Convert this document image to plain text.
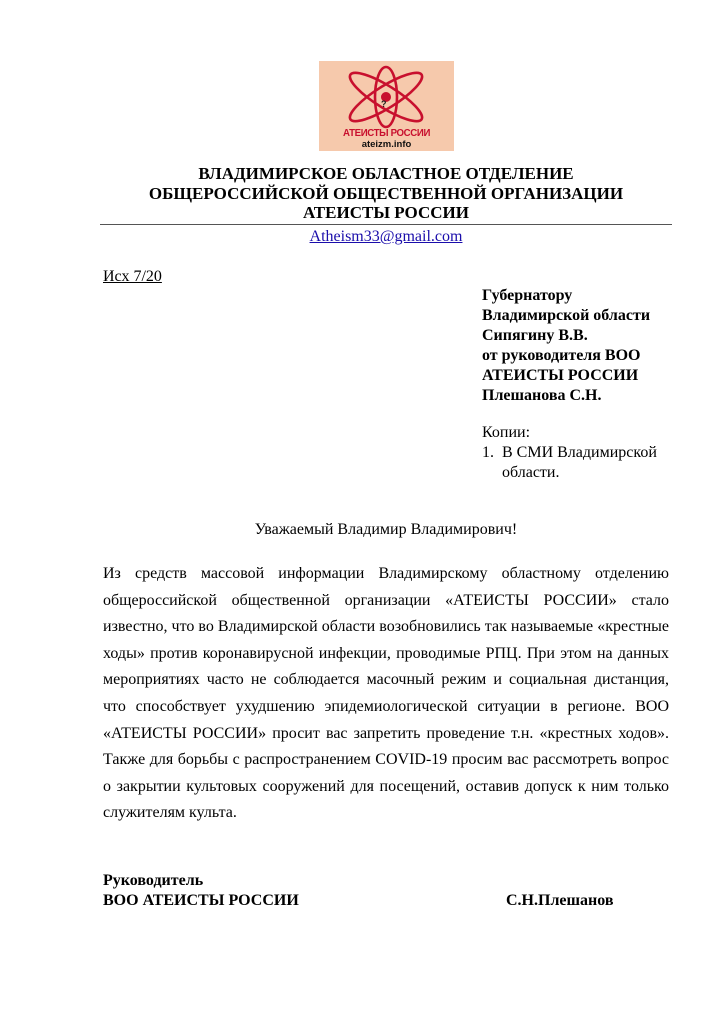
?
АТЕИСТЫ РОССИИ
ateizm.info
ВЛАДИМИРСКОЕ ОБЛАСТНОЕ ОТДЕЛЕНИЕ
ОБЩЕРОССИЙСКОЙ ОБЩЕСТВЕННОЙ ОРГАНИЗАЦИИ
АТЕИСТЫ РОССИИ
Atheism33@gmail.com
Исх 7/20
Губернатору
Владимирской области
Сипягину В.В.
от руководителя ВОО
АТЕИСТЫ РОССИИ
Плешанова С.Н.
Копии:
1. В СМИ Владимирской области.
Уважаемый Владимир Владимирович!
Из средств массовой информации Владимирскому областному отделению общероссийской общественной организации «АТЕИСТЫ РОССИИ» стало известно, что во Владимирской области возобновились так называемые «крестные ходы» против коронавирусной инфекции, проводимые РПЦ. При этом на данных мероприятиях часто не соблюдается масочный режим и социальная дистанция, что способствует ухудшению эпидемиологической ситуации в регионе. ВОО «АТЕИСТЫ РОССИИ» просит вас запретить проведение т.н. «крестных ходов». Также для борьбы с распространением COVID-19 просим вас рассмотреть вопрос о закрытии культовых сооружений для посещений, оставив допуск к ним только служителям культа.
Руководитель
ВОО АТЕИСТЫ РОССИИ	С.Н.Плешанов
